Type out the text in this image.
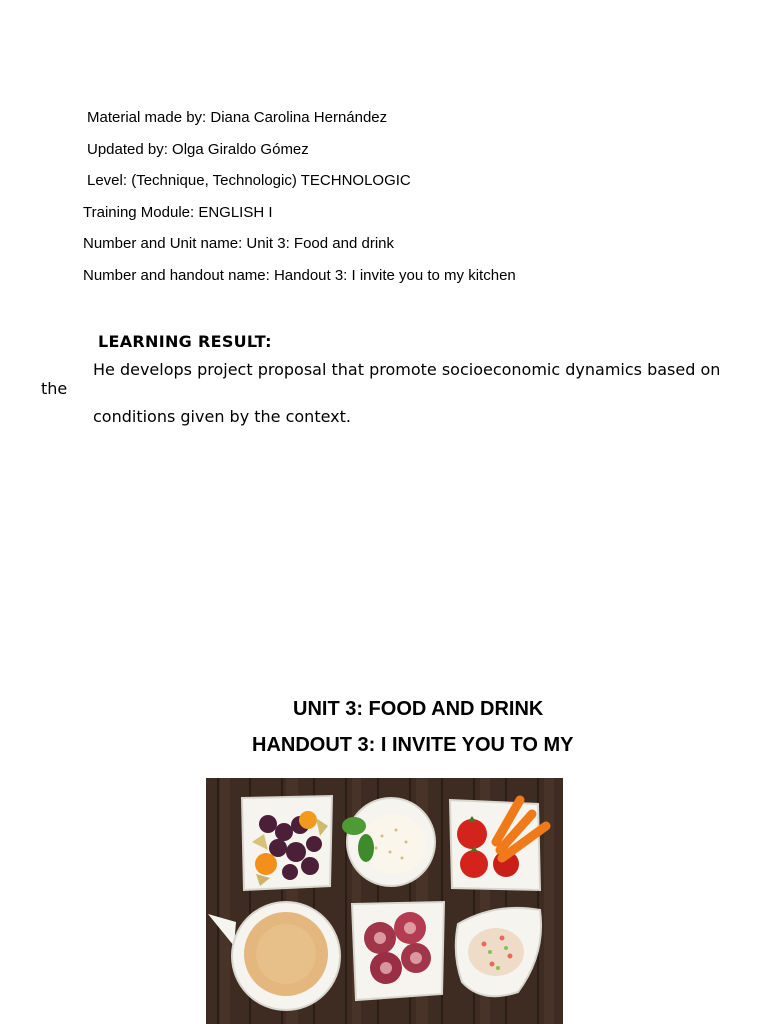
Material made by: Diana Carolina Hernández
Updated by: Olga Giraldo Gómez
Level: (Technique, Technologic) TECHNOLOGIC
Training Module: ENGLISH I
Number and Unit name: Unit 3: Food and drink
Number and handout name: Handout 3: I invite you to my kitchen
LEARNING RESULT:
He develops project proposal that promote socioeconomic dynamics based on
the
conditions given by the context.
UNIT 3: FOOD AND DRINK
HANDOUT 3: I INVITE YOU TO MY
